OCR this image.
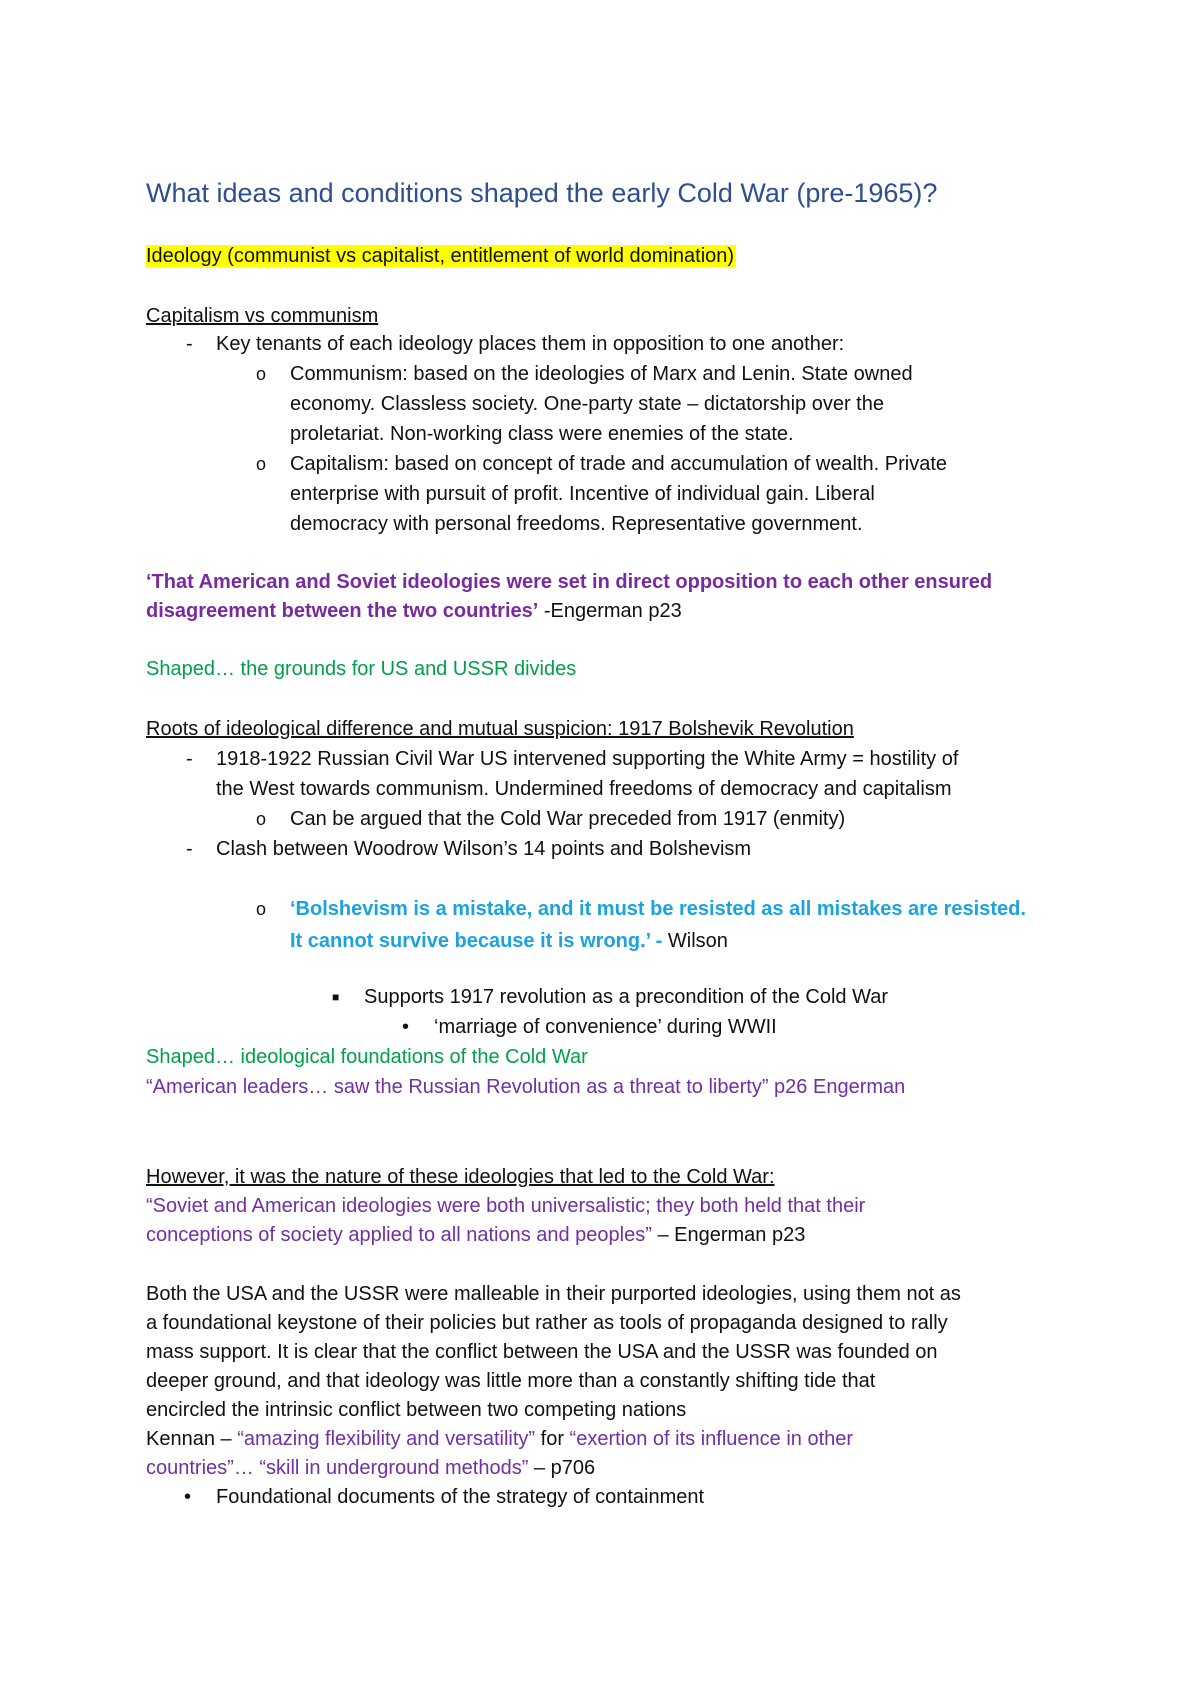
What ideas and conditions shaped the early Cold War (pre-1965)?
Ideology (communist vs capitalist, entitlement of world domination)
Capitalism vs communism
- Key tenants of each ideology places them in opposition to one another:
o Communism: based on the ideologies of Marx and Lenin. State owned
economy. Classless society. One-party state – dictatorship over the
proletariat. Non-working class were enemies of the state.
o Capitalism: based on concept of trade and accumulation of wealth. Private
enterprise with pursuit of profit. Incentive of individual gain. Liberal
democracy with personal freedoms. Representative government.
‘That American and Soviet ideologies were set in direct opposition to each other ensured
disagreement between the two countries’ -Engerman p23
Shaped… the grounds for US and USSR divides
Roots of ideological difference and mutual suspicion: 1917 Bolshevik Revolution
- 1918-1922 Russian Civil War US intervened supporting the White Army = hostility of
the West towards communism. Undermined freedoms of democracy and capitalism
o Can be argued that the Cold War preceded from 1917 (enmity)
- Clash between Woodrow Wilson’s 14 points and Bolshevism
o ‘Bolshevism is a mistake, and it must be resisted as all mistakes are resisted.
It cannot survive because it is wrong.’ - Wilson
■ Supports 1917 revolution as a precondition of the Cold War
• ‘marriage of convenience’ during WWII
Shaped… ideological foundations of the Cold War
“American leaders… saw the Russian Revolution as a threat to liberty” p26 Engerman
However, it was the nature of these ideologies that led to the Cold War:
“Soviet and American ideologies were both universalistic; they both held that their
conceptions of society applied to all nations and peoples” – Engerman p23
Both the USA and the USSR were malleable in their purported ideologies, using them not as
a foundational keystone of their policies but rather as tools of propaganda designed to rally
mass support. It is clear that the conflict between the USA and the USSR was founded on
deeper ground, and that ideology was little more than a constantly shifting tide that
encircled the intrinsic conflict between two competing nations
Kennan – “amazing flexibility and versatility” for “exertion of its influence in other
countries”… “skill in underground methods” – p706
• Foundational documents of the strategy of containment
